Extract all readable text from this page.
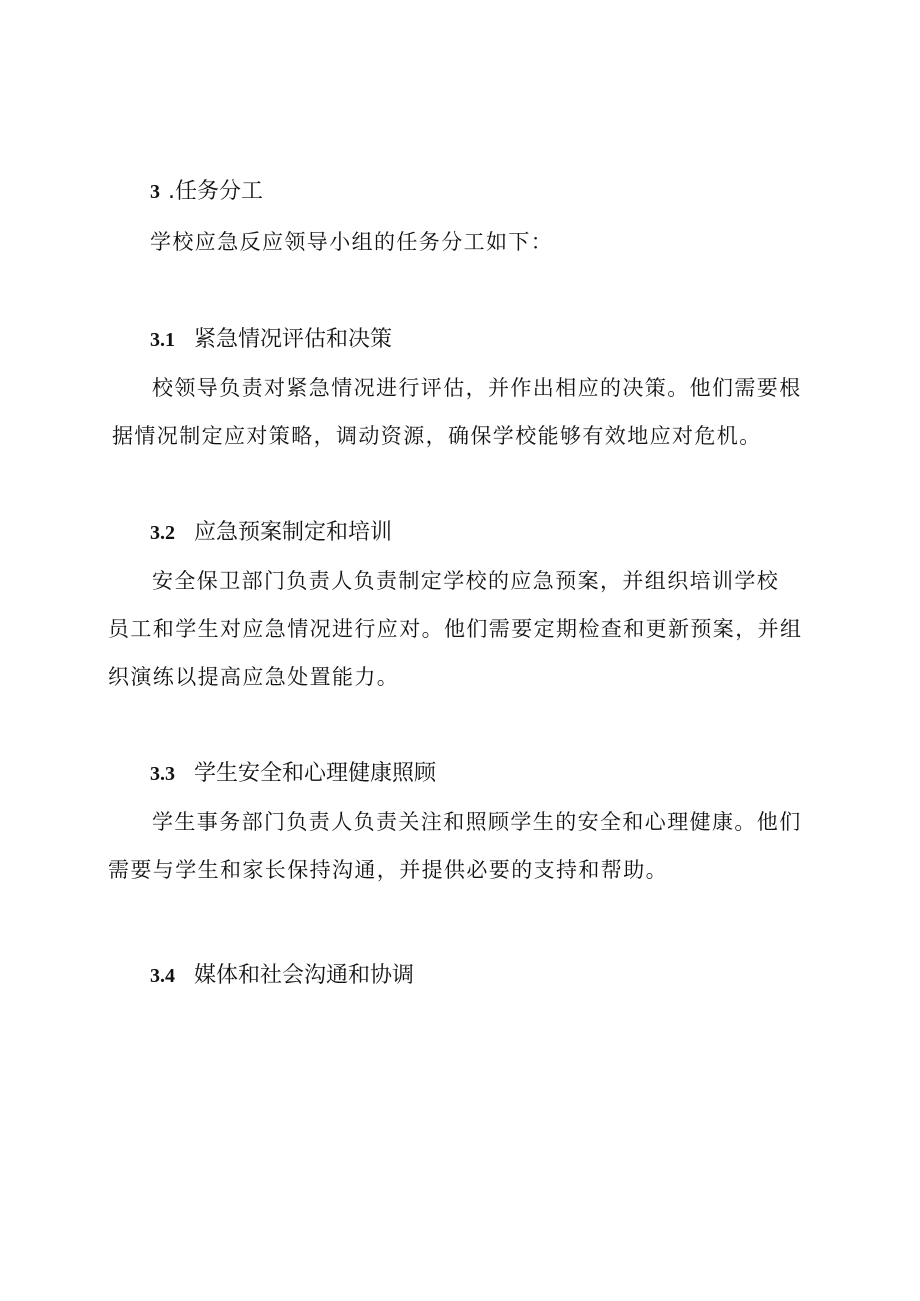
3 .任务分工
学校应急反应领导小组的任务分工如下：
3.1 紧急情况评估和决策
校领导负责对紧急情况进行评估，并作出相应的决策。他们需要根
据情况制定应对策略，调动资源，确保学校能够有效地应对危机。
3.2 应急预案制定和培训
安全保卫部门负责人负责制定学校的应急预案，并组织培训学校
员工和学生对应急情况进行应对。他们需要定期检查和更新预案，并组
织演练以提高应急处置能力。
3.3 学生安全和心理健康照顾
学生事务部门负责人负责关注和照顾学生的安全和心理健康。他们
需要与学生和家长保持沟通，并提供必要的支持和帮助。
3.4 媒体和社会沟通和协调
